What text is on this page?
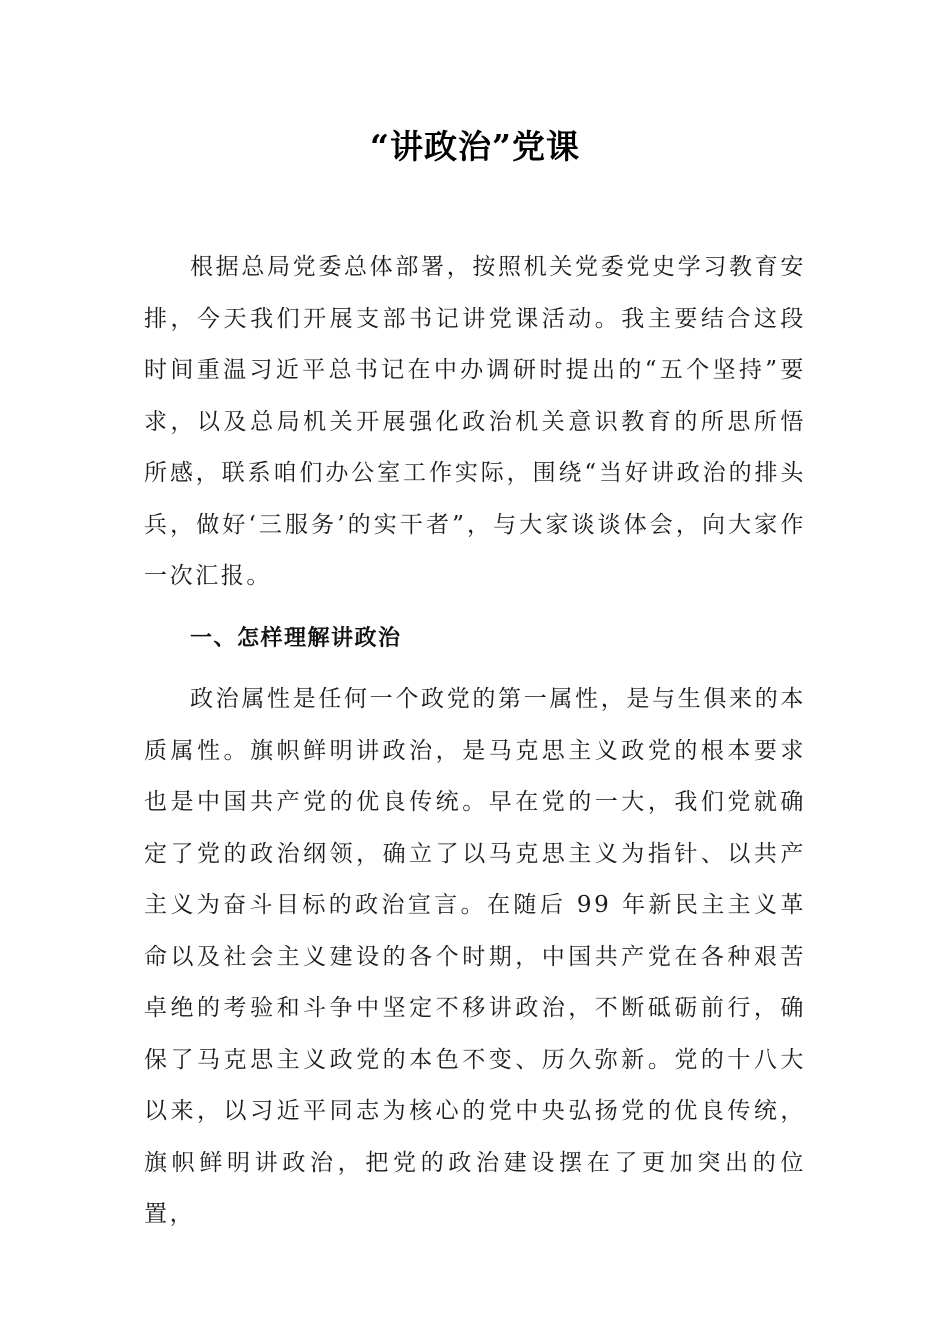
“讲政治”党课

根据总局党委总体部署，按照机关党委党史学习教育安排，今天我们开展支部书记讲党课活动。我主要结合这段时间重温习近平总书记在中办调研时提出的“五个坚持”要求，以及总局机关开展强化政治机关意识教育的所思所悟所感，联系咱们办公室工作实际，围绕“当好讲政治的排头兵，做好‘三服务’的实干者”，与大家谈谈体会，向大家作一次汇报。

一、怎样理解讲政治

政治属性是任何一个政党的第一属性，是与生俱来的本质属性。旗帜鲜明讲政治，是马克思主义政党的根本要求也是中国共产党的优良传统。早在党的一大，我们党就确定了党的政治纲领，确立了以马克思主义为指针、以共产主义为奋斗目标的政治宣言。在随后 99 年新民主主义革命以及社会主义建设的各个时期，中国共产党在各种艰苦卓绝的考验和斗争中坚定不移讲政治，不断砥砺前行，确保了马克思主义政党的本色不变、历久弥新。党的十八大以来，以习近平同志为核心的党中央弘扬党的优良传统，旗帜鲜明讲政治，把党的政治建设摆在了更加突出的位置，
